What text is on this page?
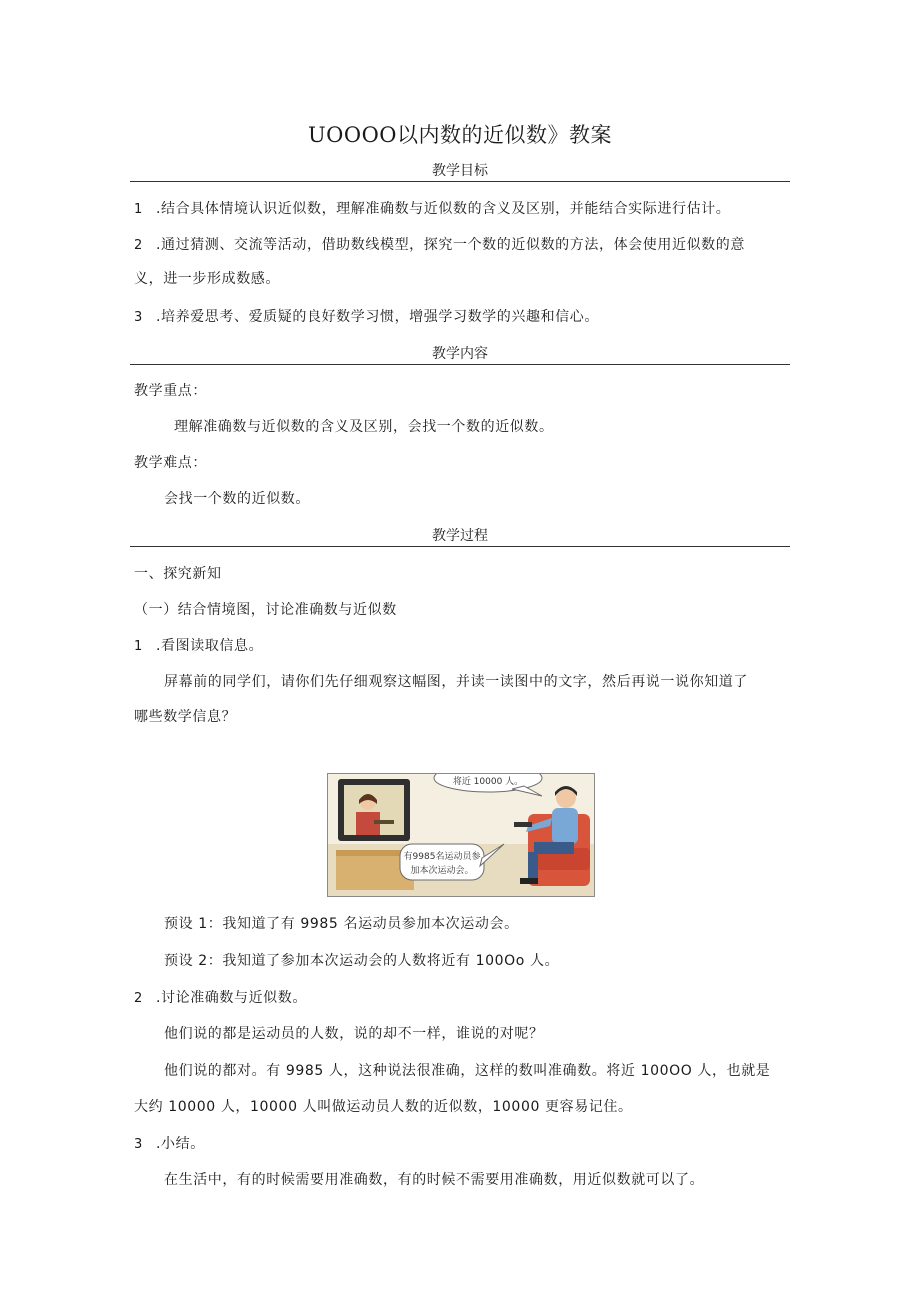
UOOOO以内数的近似数》教案
教学目标
1 .结合具体情境认识近似数，理解准确数与近似数的含义及区别，并能结合实际进行估计。
2 .通过猜测、交流等活动，借助数线模型，探究一个数的近似数的方法，体会使用近似数的意
义，进一步形成数感。
3 .培养爱思考、爱质疑的良好数学习惯，增强学习数学的兴趣和信心。
教学内容
教学重点：
理解准确数与近似数的含义及区别，会找一个数的近似数。
教学难点：
会找一个数的近似数。
教学过程
一、探究新知
（一）结合情境图，讨论准确数与近似数
1 .看图读取信息。
屏幕前的同学们，请你们先仔细观察这幅图，并读一读图中的文字，然后再说一说你知道了
哪些数学信息？
将近 10000 人。
有9985名运动员参
加本次运动会。
预设 1：我知道了有 9985 名运动员参加本次运动会。
预设 2：我知道了参加本次运动会的人数将近有 100Oo 人。
2 .讨论准确数与近似数。
他们说的都是运动员的人数，说的却不一样，谁说的对呢？
他们说的都对。有 9985 人，这种说法很准确，这样的数叫准确数。将近 100OO 人，也就是
大约 10000 人，10000 人叫做运动员人数的近似数，10000 更容易记住。
3 .小结。
在生活中，有的时候需要用准确数，有的时候不需要用准确数，用近似数就可以了。
